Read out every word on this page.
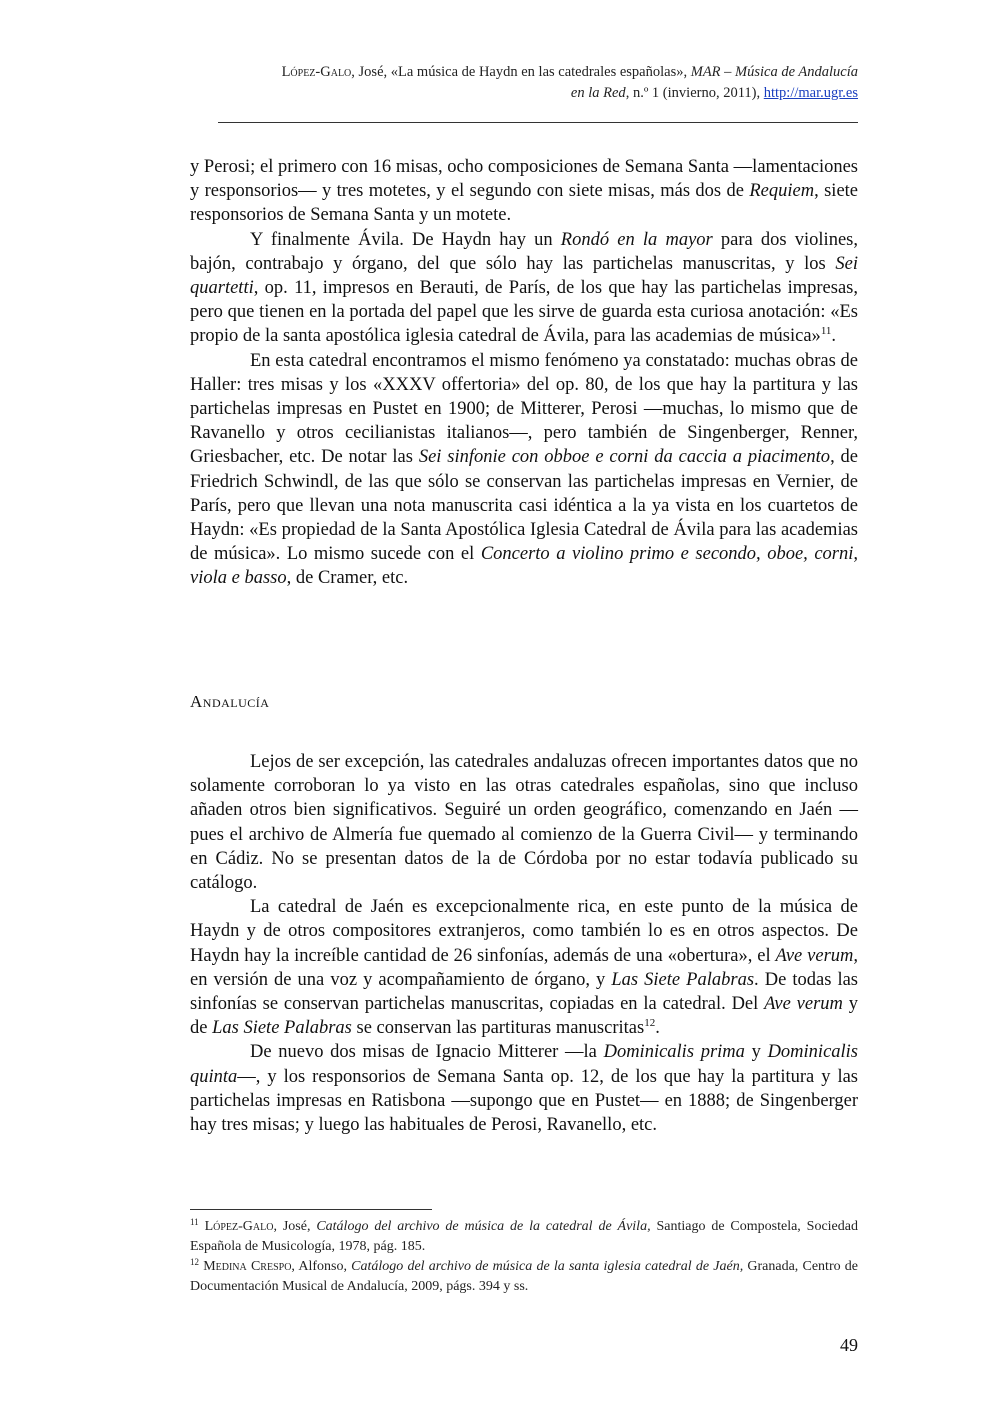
López-Galo, José, «La música de Haydn en las catedrales españolas», MAR – Música de Andalucía
en la Red, n.º 1 (invierno, 2011), http://mar.ugr.es

y Perosi; el primero con 16 misas, ocho composiciones de Semana Santa —lamentaciones y responsorios— y tres motetes, y el segundo con siete misas, más dos de Requiem, siete responsorios de Semana Santa y un motete.

Y finalmente Ávila. De Haydn hay un Rondó en la mayor para dos violines, bajón, contrabajo y órgano, del que sólo hay las partichelas manuscritas, y los Sei quartetti, op. 11, impresos en Berauti, de París, de los que hay las partichelas impresas, pero que tienen en la portada del papel que les sirve de guarda esta curiosa anotación: «Es propio de la santa apostólica iglesia catedral de Ávila, para las academias de música»$^{11}$.

En esta catedral encontramos el mismo fenómeno ya constatado: muchas obras de Haller: tres misas y los «XXXV offertoria» del op. 80, de los que hay la partitura y las partichelas impresas en Pustet en 1900; de Mitterer, Perosi —muchas, lo mismo que de Ravanello y otros cecilianistas italianos—, pero también de Singenberger, Renner, Griesbacher, etc. De notar las Sei sinfonie con obboe e corni da caccia a piacimento, de Friedrich Schwindl, de las que sólo se conservan las partichelas impresas en Vernier, de París, pero que llevan una nota manuscrita casi idéntica a la ya vista en los cuartetos de Haydn: «Es propiedad de la Santa Apostólica Iglesia Catedral de Ávila para las academias de música». Lo mismo sucede con el Concerto a violino primo e secondo, oboe, corni, viola e basso, de Cramer, etc.

Andalucía

Lejos de ser excepción, las catedrales andaluzas ofrecen importantes datos que no solamente corroboran lo ya visto en las otras catedrales españolas, sino que incluso añaden otros bien significativos. Seguiré un orden geográfico, comenzando en Jaén —pues el archivo de Almería fue quemado al comienzo de la Guerra Civil— y terminando en Cádiz. No se presentan datos de la de Córdoba por no estar todavía publicado su catálogo.

La catedral de Jaén es excepcionalmente rica, en este punto de la música de Haydn y de otros compositores extranjeros, como también lo es en otros aspectos. De Haydn hay la increíble cantidad de 26 sinfonías, además de una «obertura», el Ave verum, en versión de una voz y acompañamiento de órgano, y Las Siete Palabras. De todas las sinfonías se conservan partichelas manuscritas, copiadas en la catedral. Del Ave verum y de Las Siete Palabras se conservan las partituras manuscritas$^{12}$.

De nuevo dos misas de Ignacio Mitterer —la Dominicalis prima y Dominicalis quinta—, y los responsorios de Semana Santa op. 12, de los que hay la partitura y las partichelas impresas en Ratisbona —supongo que en Pustet— en 1888; de Singenberger hay tres misas; y luego las habituales de Perosi, Ravanello, etc.

$^{11}$ López-Galo, José, Catálogo del archivo de música de la catedral de Ávila, Santiago de Compostela, Sociedad Española de Musicología, 1978, pág. 185.

$^{12}$ Medina Crespo, Alfonso, Catálogo del archivo de música de la santa iglesia catedral de Jaén, Granada, Centro de Documentación Musical de Andalucía, 2009, págs. 394 y ss.

49
